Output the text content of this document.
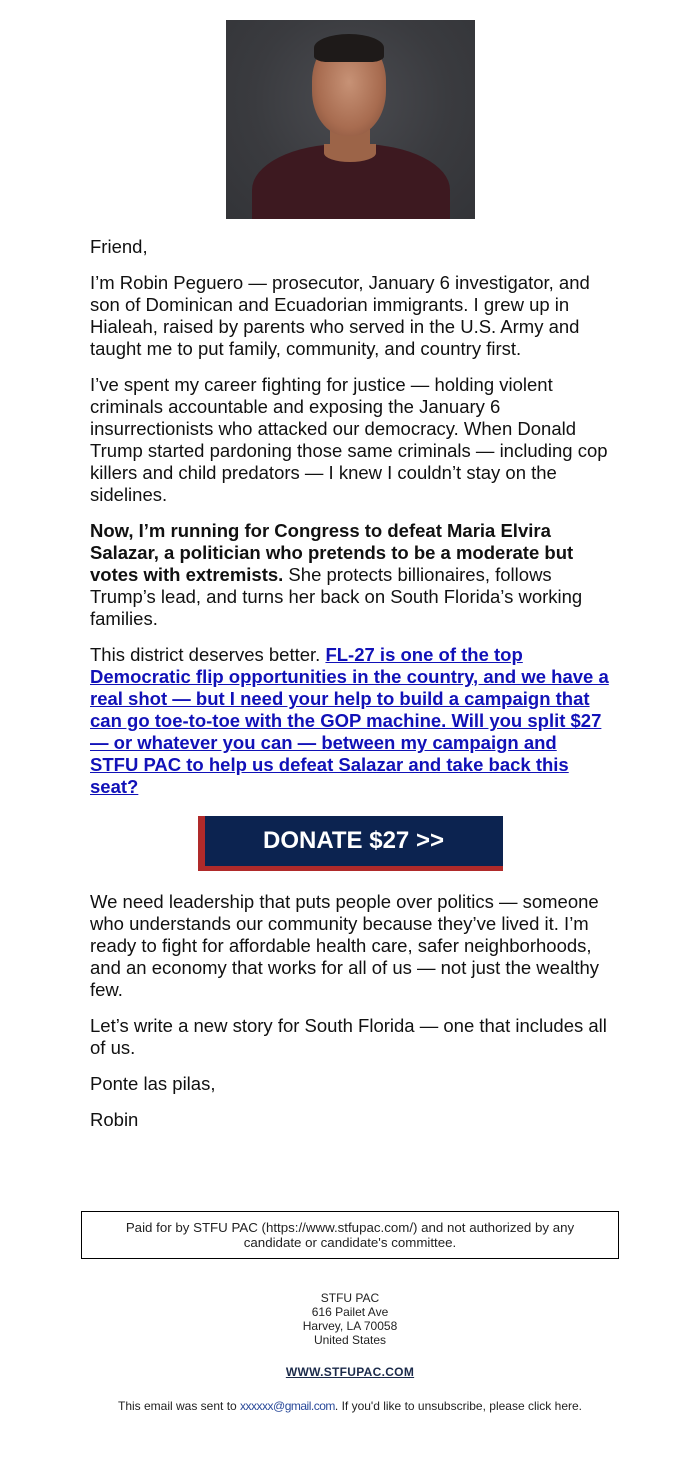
Friend,

I’m Robin Peguero — prosecutor, January 6 investigator, and son of Dominican and Ecuadorian immigrants. I grew up in Hialeah, raised by parents who served in the U.S. Army and taught me to put family, community, and country first.

I’ve spent my career fighting for justice — holding violent criminals accountable and exposing the January 6 insurrectionists who attacked our democracy. When Donald Trump started pardoning those same criminals — including cop killers and child predators — I knew I couldn’t stay on the sidelines.

Now, I’m running for Congress to defeat Maria Elvira Salazar, a politician who pretends to be a moderate but votes with extremists. She protects billionaires, follows Trump’s lead, and turns her back on South Florida’s working families.

This district deserves better. FL-27 is one of the top Democratic flip opportunities in the country, and we have a real shot — but I need your help to build a campaign that can go toe-to-toe with the GOP machine. Will you split $27 — or whatever you can — between my campaign and STFU PAC to help us defeat Salazar and take back this seat?

DONATE $27 >>

We need leadership that puts people over politics — someone who understands our community because they’ve lived it. I’m ready to fight for affordable health care, safer neighborhoods, and an economy that works for all of us — not just the wealthy few.

Let’s write a new story for South Florida — one that includes all of us.

Ponte las pilas,

Robin

Paid for by STFU PAC (https://www.stfupac.com/) and not authorized by any candidate or candidate's committee.
STFU PAC
616 Pailet Ave
Harvey, LA 70058
United States
WWW.STFUPAC.COM
This email was sent to xxxxxx@gmail.com. If you'd like to unsubscribe, please click here.
